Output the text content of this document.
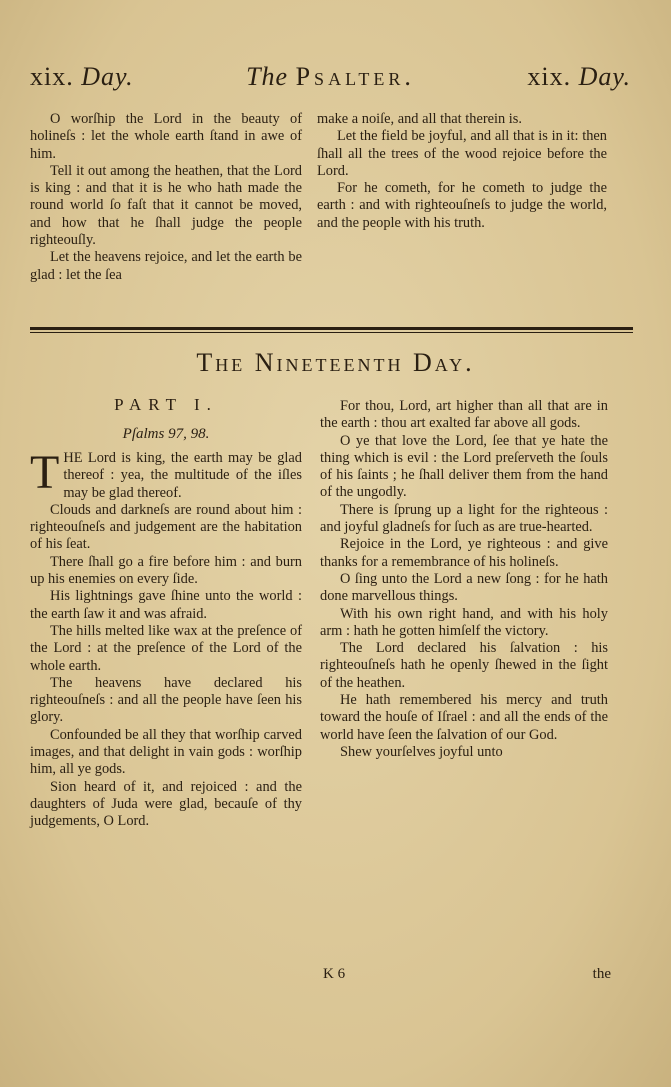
xix. Day.	The Psalter.	xix. Day.

O worſhip the Lord in the beauty of holineſs : let the whole earth ſtand in awe of him.

Tell it out among the heathen, that the Lord is king : and that it is he who hath made the round world ſo faſt that it cannot be moved, and how that he ſhall judge the people righteouſly.

Let the heavens rejoice, and let the earth be glad : let the ſea

make a noiſe, and all that therein is.

Let the field be joyful, and all that is in it: then ſhall all the trees of the wood rejoice before the Lord.

For he cometh, for he cometh to judge the earth : and with righteouſneſs to judge the world, and the people with his truth.

The Nineteenth Day.
PART I.
Pſalms 97, 98.

THE Lord is king, the earth may be glad thereof : yea, the multitude of the iſles may be glad thereof.

Clouds and darkneſs are round about him : righteouſneſs and judgement are the habitation of his ſeat.

There ſhall go a fire before him : and burn up his enemies on every ſide.

His lightnings gave ſhine unto the world : the earth ſaw it and was afraid.

The hills melted like wax at the preſence of the Lord : at the preſence of the Lord of the whole earth.

The heavens have declared his righteouſneſs : and all the people have ſeen his glory.

Confounded be all they that worſhip carved images, and that delight in vain gods : worſhip him, all ye gods.

Sion heard of it, and rejoiced : and the daughters of Juda were glad, becauſe of thy judgements, O Lord.

For thou, Lord, art higher than all that are in the earth : thou art exalted far above all gods.

O ye that love the Lord, ſee that ye hate the thing which is evil : the Lord preſerveth the ſouls of his ſaints ; he ſhall deliver them from the hand of the ungodly.

There is ſprung up a light for the righteous : and joyful gladneſs for ſuch as are true-hearted.

Rejoice in the Lord, ye righteous : and give thanks for a remembrance of his holineſs.

O ſing unto the Lord a new ſong : for he hath done marvellous things.

With his own right hand, and with his holy arm : hath he gotten himſelf the victory.

The Lord declared his ſalvation : his righteouſneſs hath he openly ſhewed in the ſight of the heathen.

He hath remembered his mercy and truth toward the houſe of Iſrael : and all the ends of the world have ſeen the ſalvation of our God.

Shew yourſelves joyful unto

K 6	the
